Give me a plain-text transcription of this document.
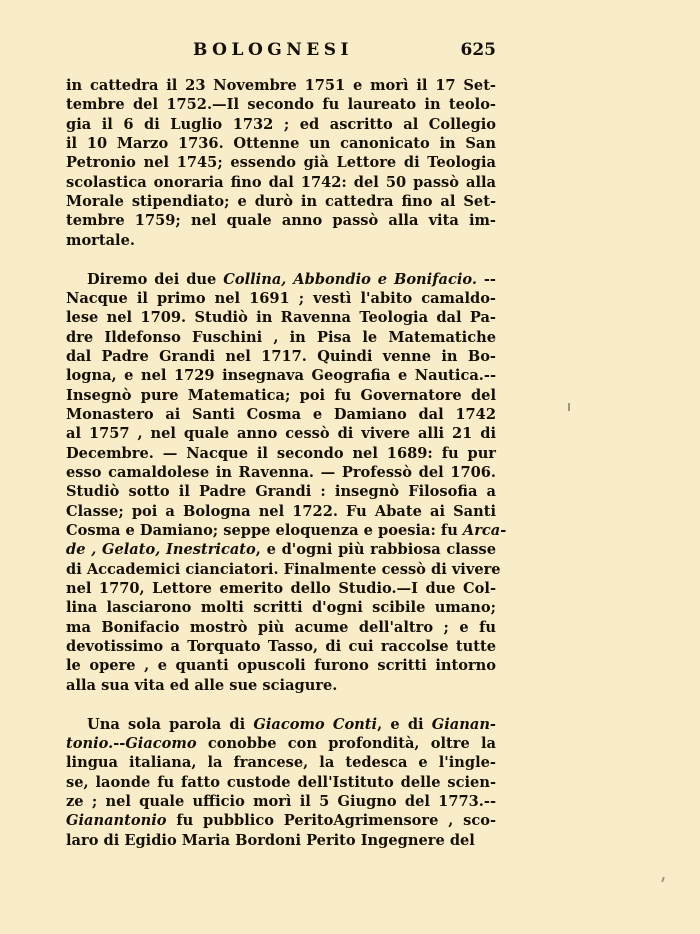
BOLOGNESI	625
in cattedra il 23 Novembre 1751 e morì il 17 Set-
tembre del 1752.—Il secondo fu laureato in teolo-
gia il 6 di Luglio 1732 ; ed ascritto al Collegio
il 10 Marzo 1736. Ottenne un canonicato in San
Petronio nel 1745; essendo già Lettore di Teologia
scolastica onoraria fino dal 1742: del 50 passò alla
Morale stipendiato; e durò in cattedra fino al Set-
tembre 1759; nel quale anno passò alla vita im-
mortale.
Diremo dei due Collina, Abbondio e Bonifacio. --
Nacque il primo nel 1691 ; vestì l'abito camaldo-
lese nel 1709. Studiò in Ravenna Teologia dal Pa-
dre Ildefonso Fuschini , in Pisa le Matematiche
dal Padre Grandi nel 1717. Quindi venne in Bo-
logna, e nel 1729 insegnava Geografia e Nautica.--
Insegnò pure Matematica; poi fu Governatore del
Monastero ai Santi Cosma e Damiano dal 1742
al 1757 , nel quale anno cessò di vivere alli 21 di
Decembre. — Nacque il secondo nel 1689: fu pur
esso camaldolese in Ravenna. — Professò del 1706.
Studiò sotto il Padre Grandi : insegnò Filosofia a
Classe; poi a Bologna nel 1722. Fu Abate ai Santi
Cosma e Damiano; seppe eloquenza e poesia: fu Arca-
de , Gelato, Inestricato, e d'ogni più rabbiosa classe
di Accademici cianciatori. Finalmente cessò di vivere
nel 1770, Lettore emerito dello Studio.—I due Col-
lina lasciarono molti scritti d'ogni scibile umano;
ma Bonifacio mostrò più acume dell'altro ; e fu
devotissimo a Torquato Tasso, di cui raccolse tutte
le opere , e quanti opuscoli furono scritti intorno
alla sua vita ed alle sue sciagure.
Una sola parola di Giacomo Conti, e di Gianan-
tonio.--Giacomo conobbe con profondità, oltre la
lingua italiana, la francese, la tedesca e l'ingle-
se, laonde fu fatto custode dell'Istituto delle scien-
ze ; nel quale ufficio morì il 5 Giugno del 1773.--
Gianantonio fu pubblico PeritoAgrimensore , sco-
laro di Egidio Maria Bordoni Perito Ingegnere del
